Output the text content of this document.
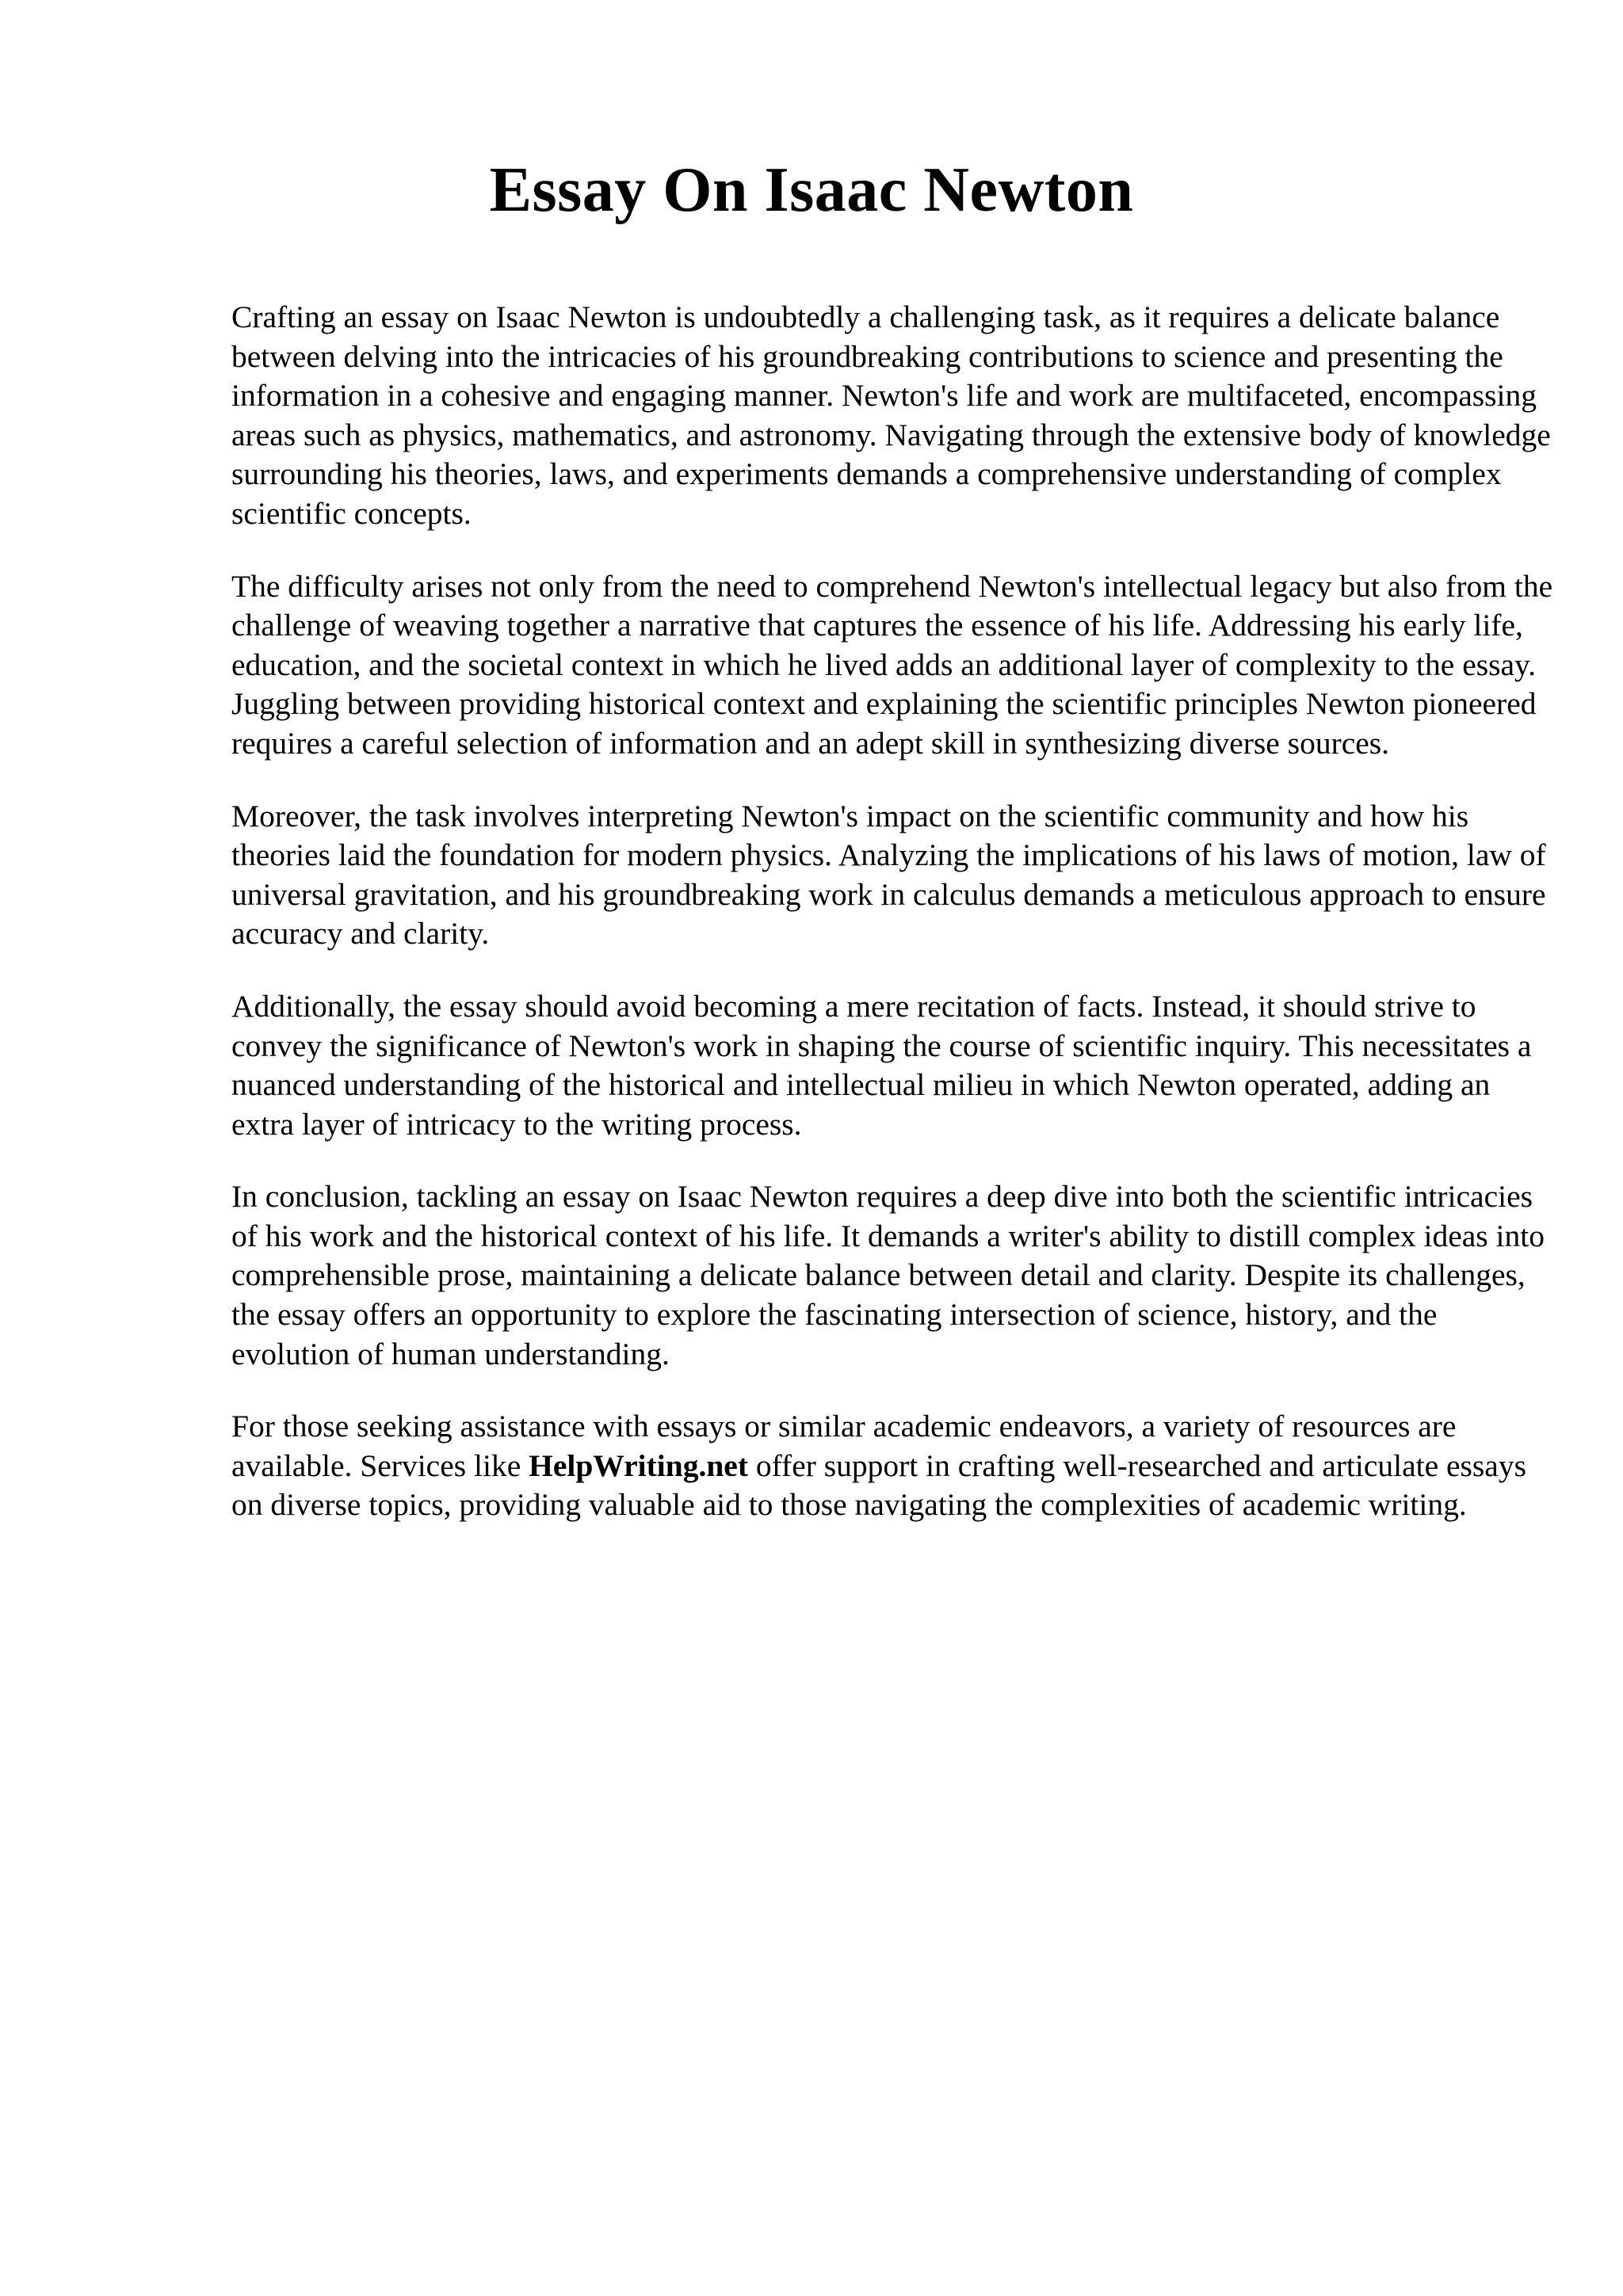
Essay On Isaac Newton

Crafting an essay on Isaac Newton is undoubtedly a challenging task, as it requires a delicate balance between delving into the intricacies of his groundbreaking contributions to science and presenting the information in a cohesive and engaging manner. Newton's life and work are multifaceted, encompassing areas such as physics, mathematics, and astronomy. Navigating through the extensive body of knowledge surrounding his theories, laws, and experiments demands a comprehensive understanding of complex scientific concepts.

The difficulty arises not only from the need to comprehend Newton's intellectual legacy but also from the challenge of weaving together a narrative that captures the essence of his life. Addressing his early life, education, and the societal context in which he lived adds an additional layer of complexity to the essay. Juggling between providing historical context and explaining the scientific principles Newton pioneered requires a careful selection of information and an adept skill in synthesizing diverse sources.

Moreover, the task involves interpreting Newton's impact on the scientific community and how his theories laid the foundation for modern physics. Analyzing the implications of his laws of motion, law of universal gravitation, and his groundbreaking work in calculus demands a meticulous approach to ensure accuracy and clarity.

Additionally, the essay should avoid becoming a mere recitation of facts. Instead, it should strive to convey the significance of Newton's work in shaping the course of scientific inquiry. This necessitates a nuanced understanding of the historical and intellectual milieu in which Newton operated, adding an extra layer of intricacy to the writing process.

In conclusion, tackling an essay on Isaac Newton requires a deep dive into both the scientific intricacies of his work and the historical context of his life. It demands a writer's ability to distill complex ideas into comprehensible prose, maintaining a delicate balance between detail and clarity. Despite its challenges, the essay offers an opportunity to explore the fascinating intersection of science, history, and the evolution of human understanding.

For those seeking assistance with essays or similar academic endeavors, a variety of resources are available. Services like HelpWriting.net offer support in crafting well-researched and articulate essays on diverse topics, providing valuable aid to those navigating the complexities of academic writing.
